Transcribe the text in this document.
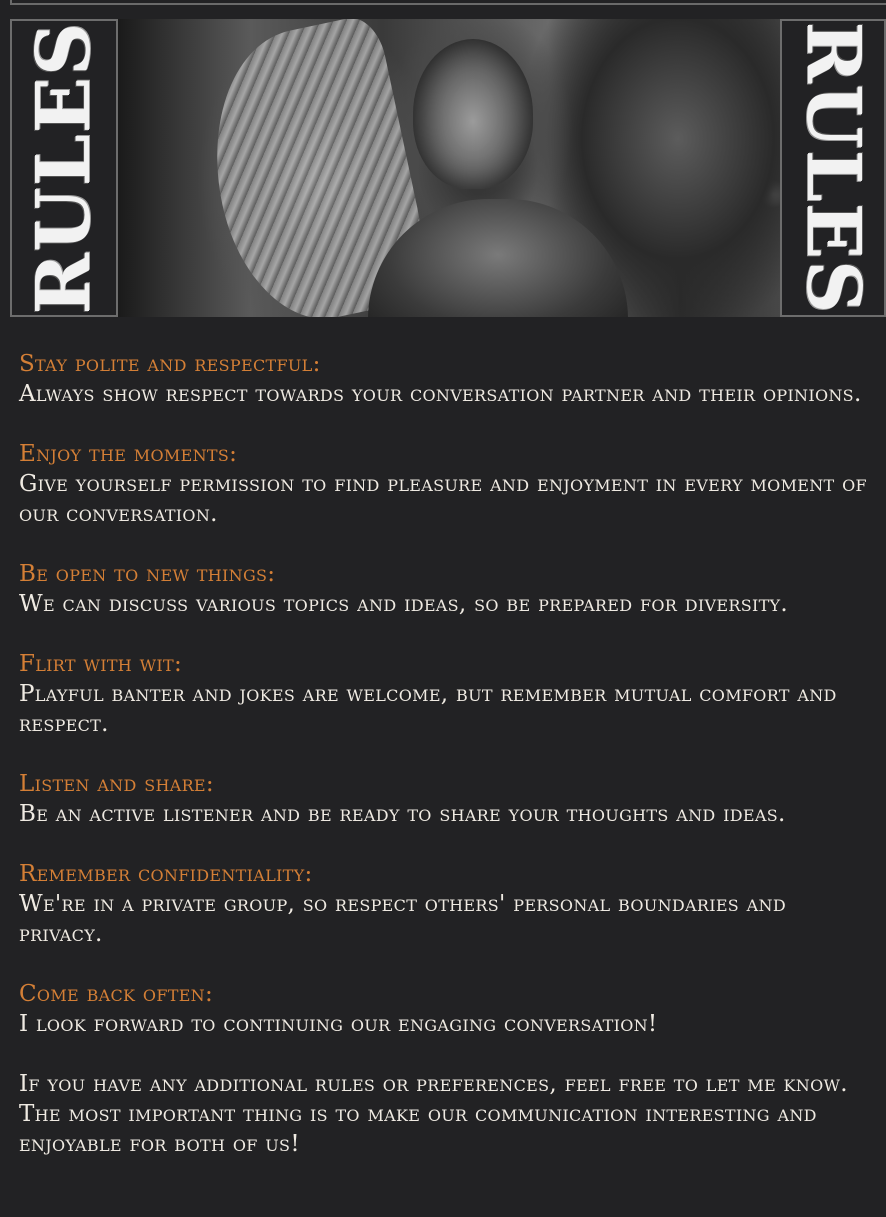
RULES	RULES
Stay polite and respectful:
Always show respect towards your conversation partner and their opinions.
Enjoy the moments:
Give yourself permission to find pleasure and enjoyment in every moment of our conversation.
Be open to new things:
We can discuss various topics and ideas, so be prepared for diversity.
Flirt with wit:
Playful banter and jokes are welcome, but remember mutual comfort and respect.
Listen and share:
Be an active listener and be ready to share your thoughts and ideas.
Remember confidentiality:
We're in a private group, so respect others' personal boundaries and privacy.
Come back often:
I look forward to continuing our engaging conversation!
If you have any additional rules or preferences, feel free to let me know. The most important thing is to make our communication interesting and enjoyable for both of us!
